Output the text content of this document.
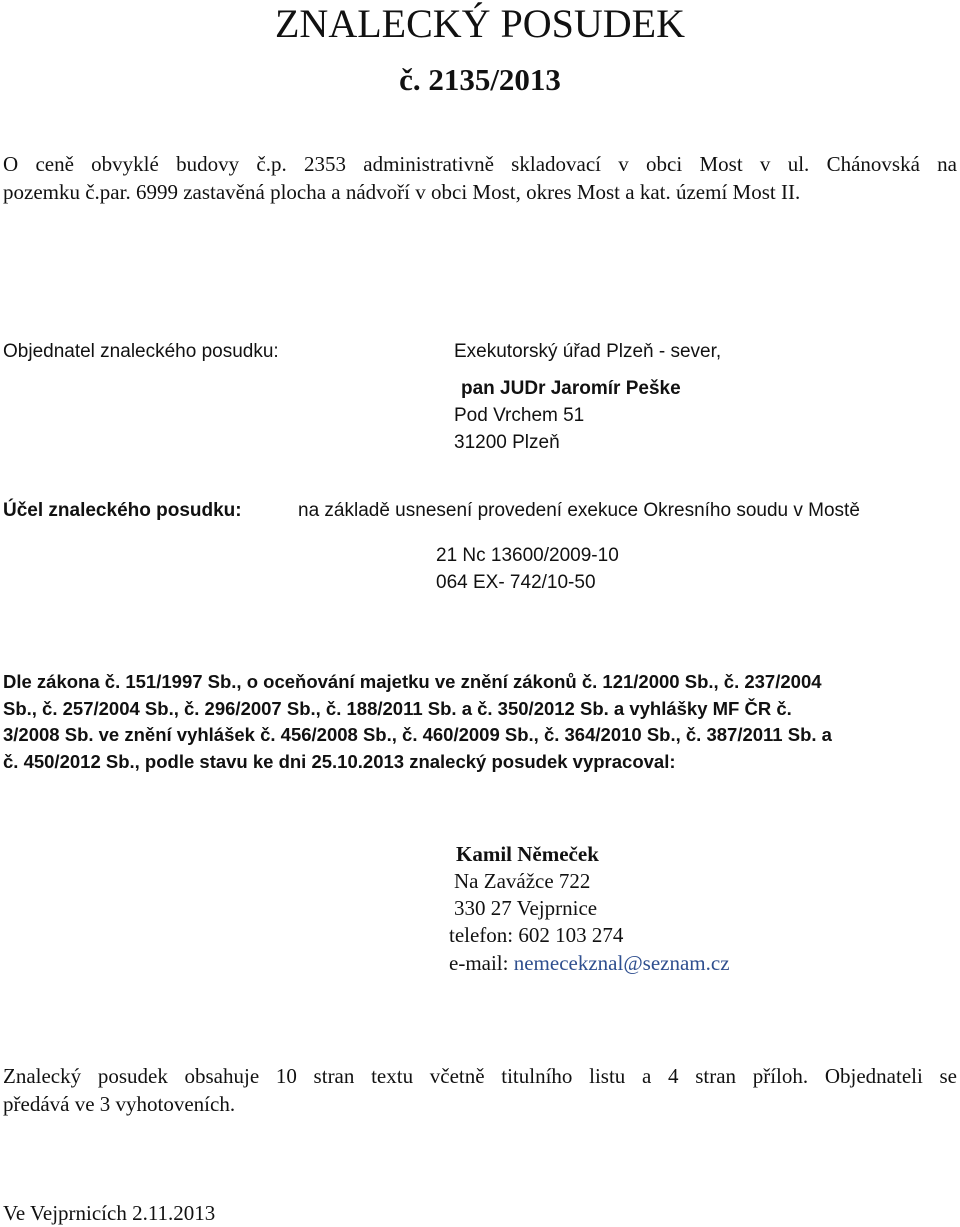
ZNALECKÝ POSUDEK
č. 2135/2013
O ceně obvyklé budovy č.p. 2353 administrativně skladovací v obci Most v ul. Chánovská na
pozemku č.par. 6999 zastavěná plocha a nádvoří v obci Most, okres Most a kat. území Most II.
Objednatel znaleckého posudku:	Exekutorský úřad Plzeň - sever,
pan JUDr Jaromír Peške
Pod Vrchem 51
31200 Plzeň
Účel znaleckého posudku:	na základě usnesení provedení exekuce Okresního soudu v Mostě
21 Nc 13600/2009-10
064 EX- 742/10-50
Dle zákona č. 151/1997 Sb., o oceňování majetku ve znění zákonů č. 121/2000 Sb., č. 237/2004
Sb., č. 257/2004 Sb., č. 296/2007 Sb., č. 188/2011 Sb. a č. 350/2012 Sb. a vyhlášky MF ČR č.
3/2008 Sb. ve znění vyhlášek č. 456/2008 Sb., č. 460/2009 Sb., č. 364/2010 Sb., č. 387/2011 Sb. a
č. 450/2012 Sb., podle stavu ke dni 25.10.2013 znalecký posudek vypracoval:
Kamil Němeček
Na Zavážce 722
330 27 Vejprnice
telefon: 602 103 274
e-mail: nemecekznal@seznam.cz
Znalecký posudek obsahuje 10 stran textu včetně titulního listu a 4 stran příloh. Objednateli se
předává ve 3 vyhotoveních.
Ve Vejprnicích 2.11.2013
